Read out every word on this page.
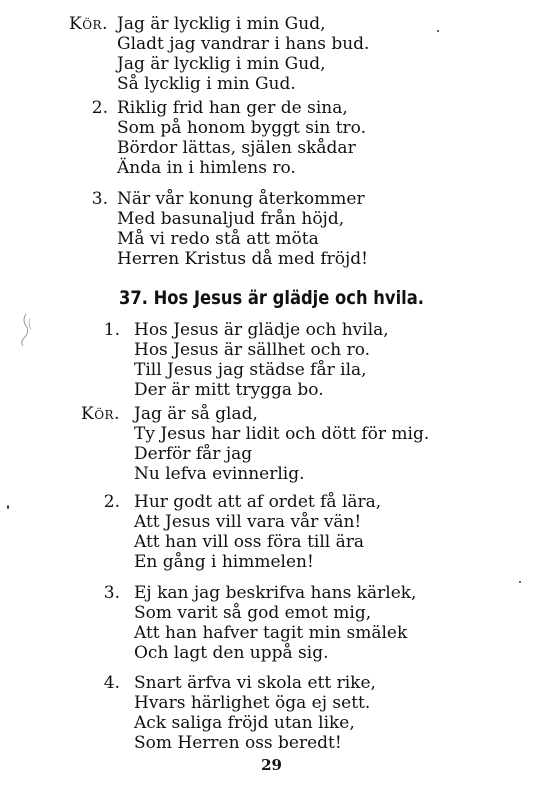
Kör. Jag är lycklig i min Gud,
Gladt jag vandrar i hans bud.
Jag är lycklig i min Gud,
Så lycklig i min Gud.
2. Riklig frid han ger de sina,
Som på honom byggt sin tro.
Bördor lättas, själen skådar
Ända in i himlens ro.
3. När vår konung återkommer
Med basunaljud från höjd,
Må vi redo stå att möta
Herren Kristus då med fröjd!
37. Hos Jesus är glädje och hvila.
1. Hos Jesus är glädje och hvila,
Hos Jesus är sällhet och ro.
Till Jesus jag städse får ila,
Der är mitt trygga bo.
Kör. Jag är så glad,
Ty Jesus har lidit och dött för mig.
Derför får jag
Nu lefva evinnerlig.
2. Hur godt att af ordet få lära,
Att Jesus vill vara vår vän!
Att han vill oss föra till ära
En gång i himmelen!
3. Ej kan jag beskrifva hans kärlek,
Som varit så god emot mig,
Att han hafver tagit min smälek
Och lagt den uppå sig.
4. Snart ärfva vi skola ett rike,
Hvars härlighet öga ej sett.
Ack saliga fröjd utan like,
Som Herren oss beredt!
29
